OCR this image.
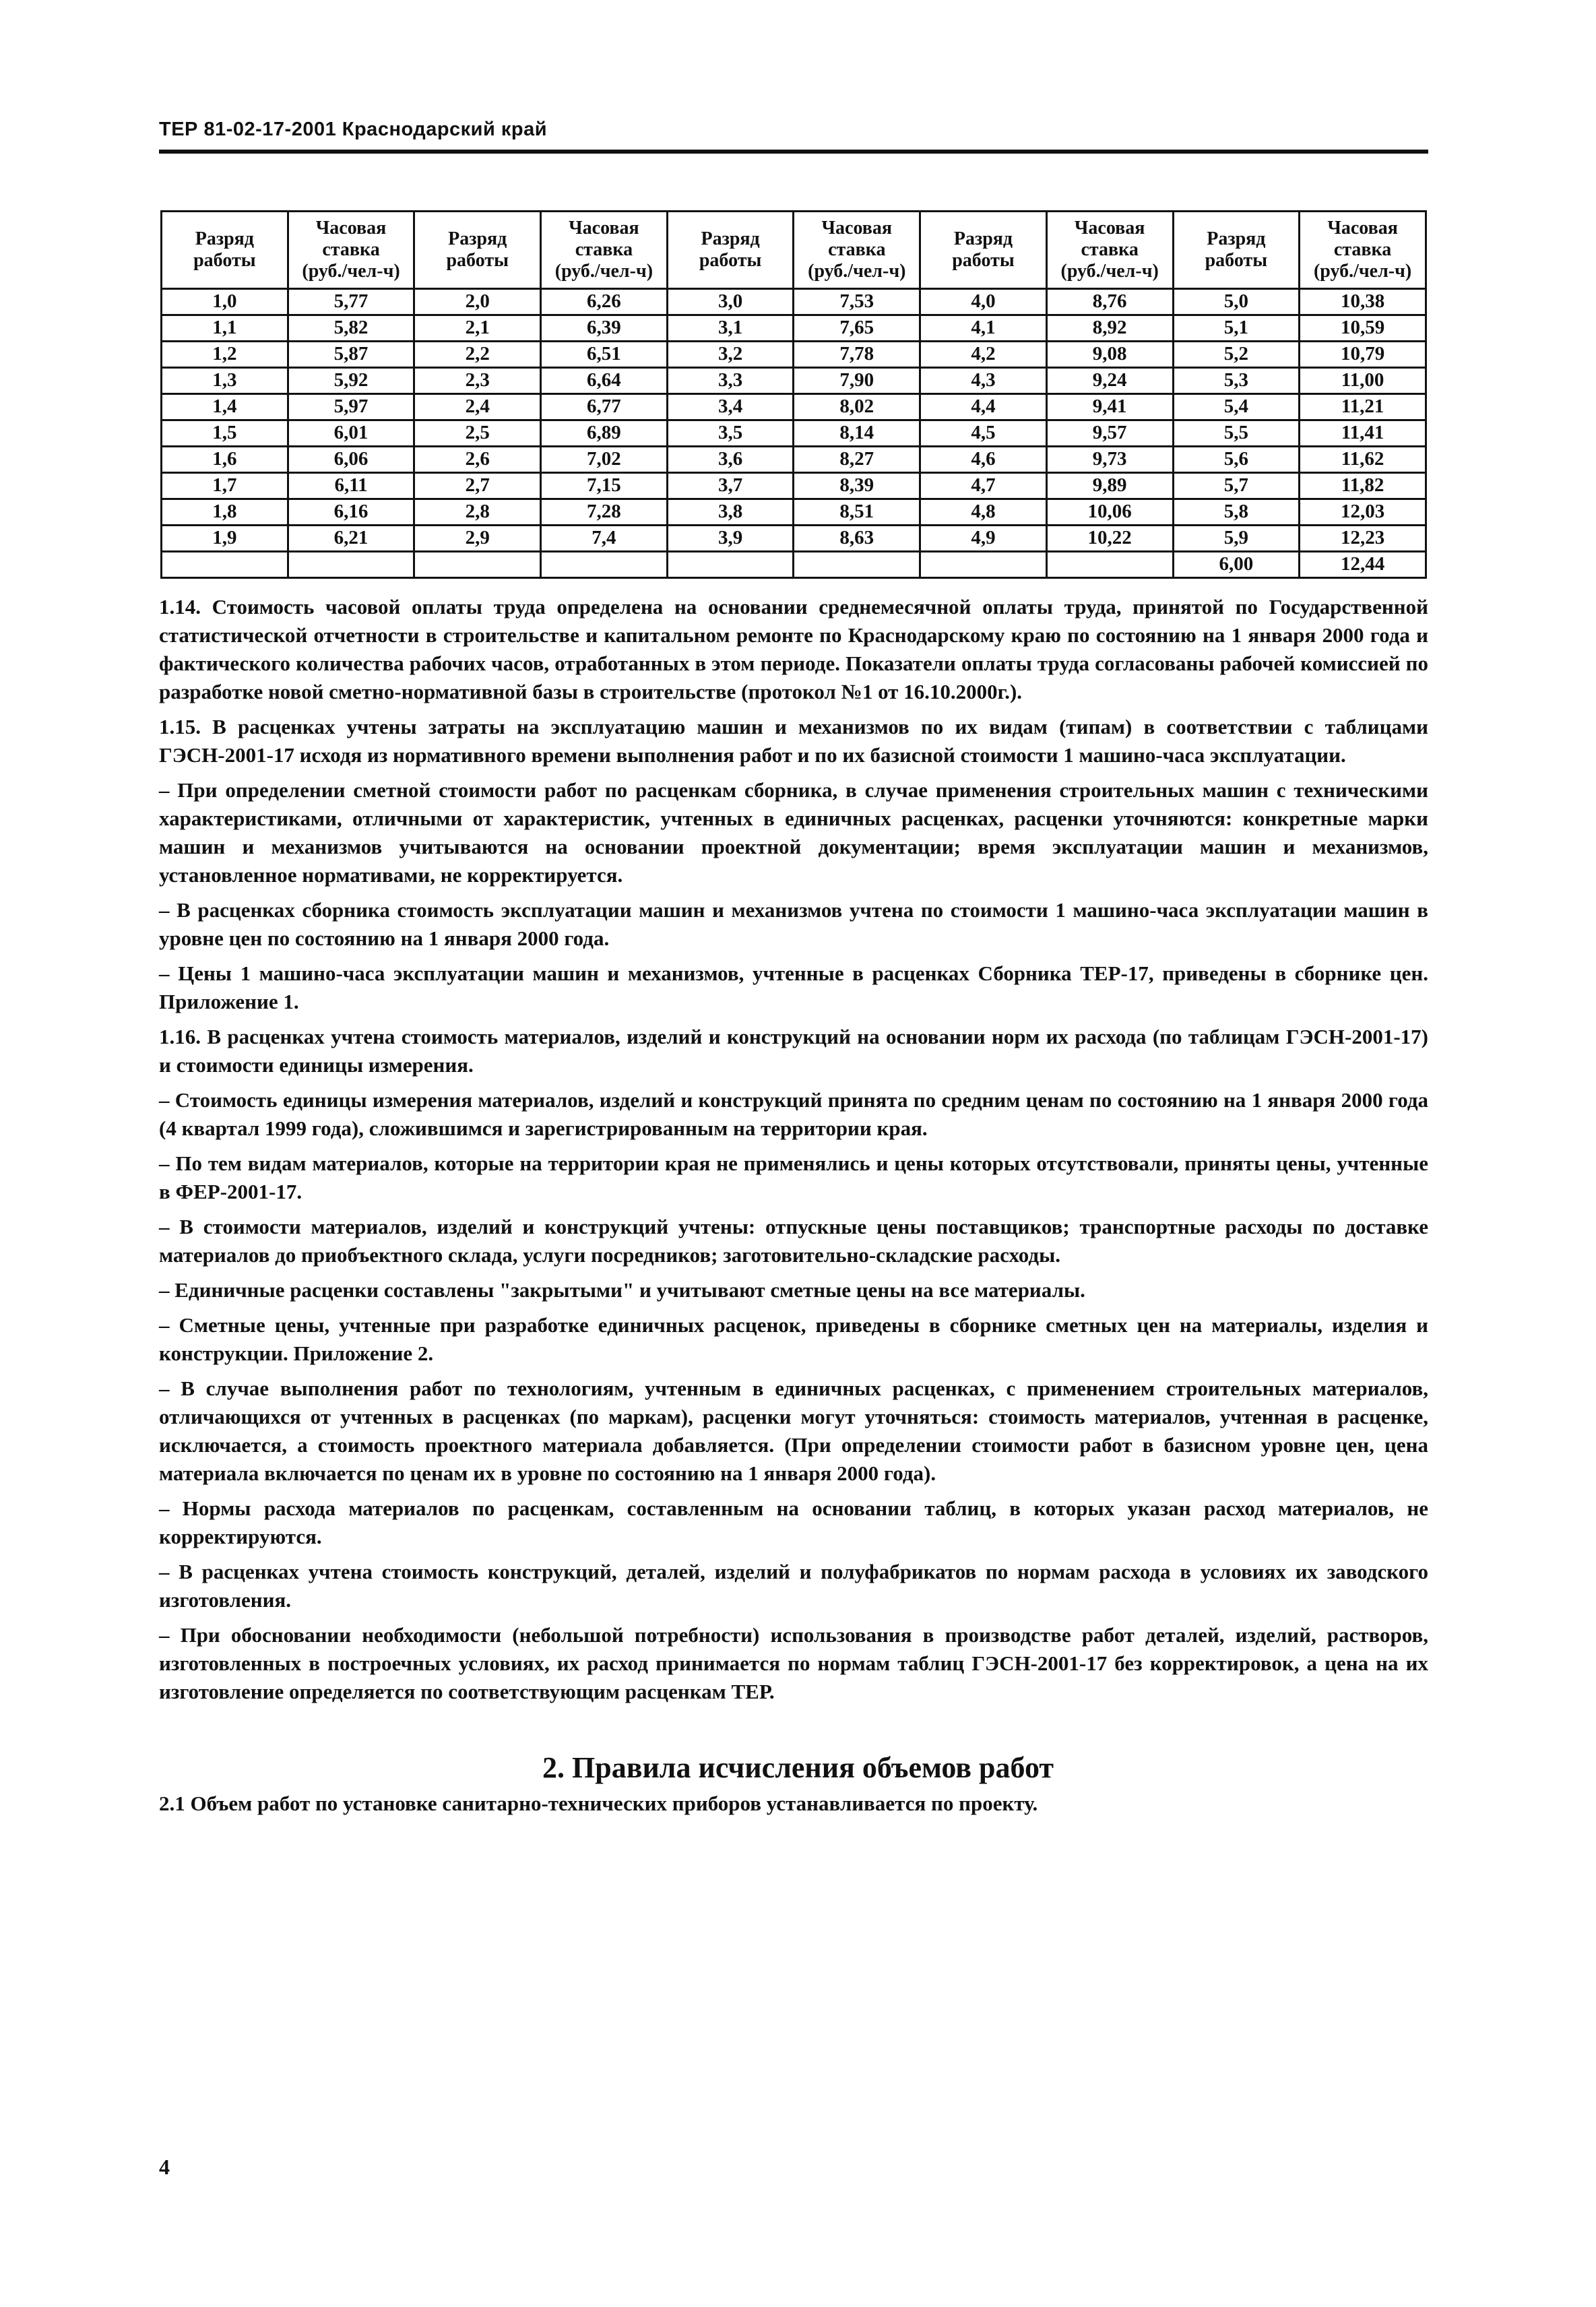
ТЕР 81-02-17-2001 Краснодарский край
Разряд
работы	Часовая
ставка
(руб./чел-ч)	Разряд
работы	Часовая
ставка
(руб./чел-ч)	Разряд
работы	Часовая
ставка
(руб./чел-ч)	Разряд
работы	Часовая
ставка
(руб./чел-ч)	Разряд
работы	Часовая
ставка
(руб./чел-ч)

1,0	5,77	2,0	6,26	3,0	7,53	4,0	8,76	5,0	10,38
1,1	5,82	2,1	6,39	3,1	7,65	4,1	8,92	5,1	10,59
1,2	5,87	2,2	6,51	3,2	7,78	4,2	9,08	5,2	10,79
1,3	5,92	2,3	6,64	3,3	7,90	4,3	9,24	5,3	11,00
1,4	5,97	2,4	6,77	3,4	8,02	4,4	9,41	5,4	11,21
1,5	6,01	2,5	6,89	3,5	8,14	4,5	9,57	5,5	11,41
1,6	6,06	2,6	7,02	3,6	8,27	4,6	9,73	5,6	11,62
1,7	6,11	2,7	7,15	3,7	8,39	4,7	9,89	5,7	11,82
1,8	6,16	2,8	7,28	3,8	8,51	4,8	10,06	5,8	12,03
1,9	6,21	2,9	7,4	3,9	8,63	4,9	10,22	5,9	12,23
								6,00	12,44

1.14. Стоимость часовой оплаты труда определена на основании среднемесячной оплаты труда, принятой по Государственной статистической отчетности в строительстве и капитальном ремонте по Краснодарскому краю по состоянию на 1 января 2000 года и фактического количества рабочих часов, отработанных в этом периоде. Показатели оплаты труда согласованы рабочей комиссией по разработке новой сметно-нормативной базы в строительстве (протокол №1 от 16.10.2000г.).

1.15. В расценках учтены затраты на эксплуатацию машин и механизмов по их видам (типам) в соответствии с таблицами ГЭСН-2001-17 исходя из нормативного времени выполнения работ и по их базисной стоимости 1 машино-часа эксплуатации.

– При определении сметной стоимости работ по расценкам сборника, в случае применения строительных машин с техническими характеристиками, отличными от характеристик, учтенных в единичных расценках, расценки уточняются: конкретные марки машин и механизмов учитываются на основании проектной документации; время эксплуатации машин и механизмов, установленное нормативами, не корректируется.

– В расценках сборника стоимость эксплуатации машин и механизмов учтена по стоимости 1 машино-часа эксплуатации машин в уровне цен по состоянию на 1 января 2000 года.

– Цены 1 машино-часа эксплуатации машин и механизмов, учтенные в расценках Сборника ТЕР-17, приведены в сборнике цен. Приложение 1.

1.16. В расценках учтена стоимость материалов, изделий и конструкций на основании норм их расхода (по таблицам ГЭСН-2001-17) и стоимости единицы измерения.

– Стоимость единицы измерения материалов, изделий и конструкций принята по средним ценам по состоянию на 1 января 2000 года (4 квартал 1999 года), сложившимся и зарегистрированным на территории края.

– По тем видам материалов, которые на территории края не применялись и цены которых отсутствовали, приняты цены, учтенные в ФЕР-2001-17.

– В стоимости материалов, изделий и конструкций учтены: отпускные цены поставщиков; транспортные расходы по доставке материалов до приобъектного склада, услуги посредников; заготовительно-складские расходы.

– Единичные расценки составлены "закрытыми" и учитывают сметные цены на все материалы.

– Сметные цены, учтенные при разработке единичных расценок, приведены в сборнике сметных цен на материалы, изделия и конструкции. Приложение 2.

– В случае выполнения работ по технологиям, учтенным в единичных расценках, с применением строительных материалов, отличающихся от учтенных в расценках (по маркам), расценки могут уточняться: стоимость материалов, учтенная в расценке, исключается, а стоимость проектного материала добавляется. (При определении стоимости работ в базисном уровне цен, цена материала включается по ценам их в уровне по состоянию на 1 января 2000 года).

– Нормы расхода материалов по расценкам, составленным на основании таблиц, в которых указан расход материалов, не корректируются.

– В расценках учтена стоимость конструкций, деталей, изделий и полуфабрикатов по нормам расхода в условиях их заводского изготовления.

– При обосновании необходимости (небольшой потребности) использования в производстве работ деталей, изделий, растворов, изготовленных в построечных условиях, их расход принимается по нормам таблиц ГЭСН-2001-17 без корректировок, а цена на их изготовление определяется по соответствующим расценкам ТЕР.

2. Правила исчисления объемов работ
2.1 Объем работ по установке санитарно-технических приборов устанавливается по проекту.
4
